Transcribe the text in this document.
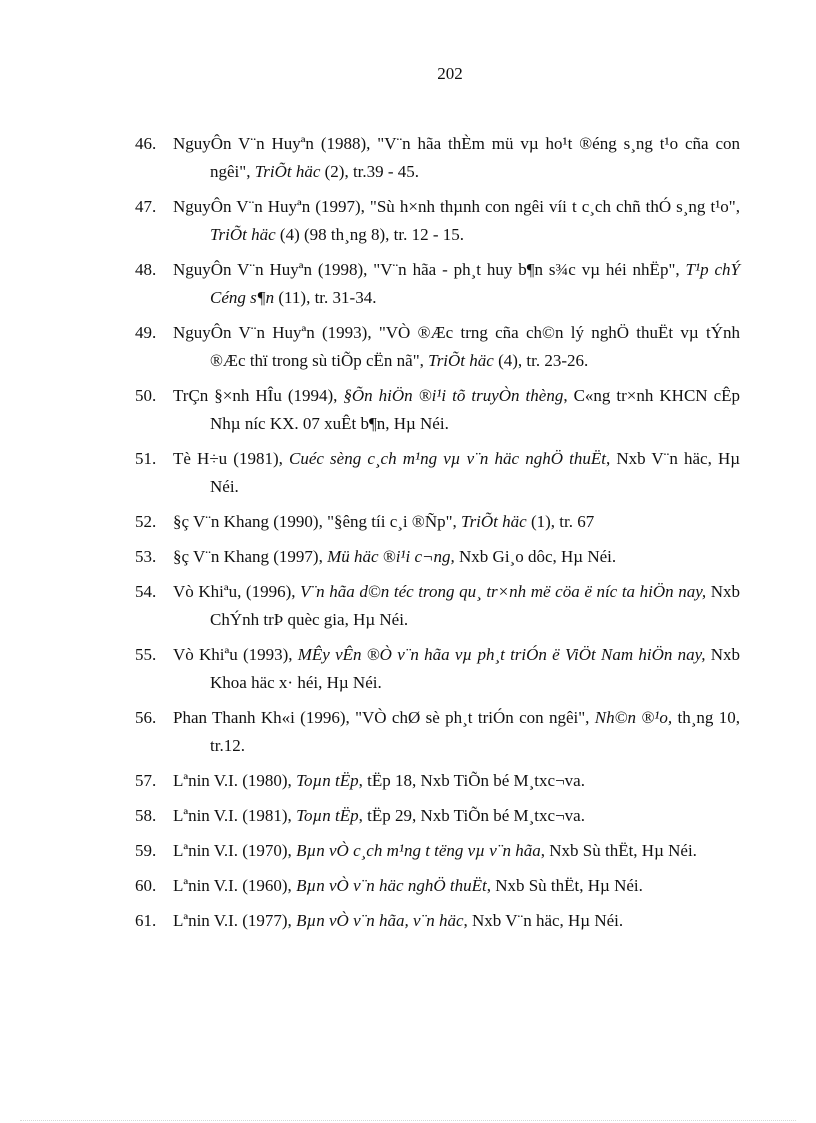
202
46. NguyÔn V¨n Huyªn (1988), "V¨n hãa thÈm mü vµ ho¹t ®éng s¸ng t¹o cña con ngêi", TriÕt häc (2), tr.39 - 45.
47. NguyÔn V¨n Huyªn (1997), "Sù h×nh thµnh con ngêi víi t c¸ch chñ thÓ s¸ng t¹o", TriÕt häc (4) (98 th¸ng 8), tr. 12 - 15.
48. NguyÔn V¨n Huyªn (1998), "V¨n hãa - ph¸t huy b¶n s¾c vµ héi nhËp", T¹p chÝ Céng s¶n (11), tr. 31-34.
49. NguyÔn V¨n Huyªn (1993), "VÒ ®Æc trng cña ch©n lý nghÖ thuËt vµ tÝnh ®Æc thï trong sù tiÕp cËn nã", TriÕt häc (4), tr. 23-26.
50. TrÇn §×nh HÎu (1994), §Õn hiÖn ®i¹i tõ truyÒn thèng, C«ng tr×nh KHCN cÊp Nhµ níc KX. 07 xuÊt b¶n, Hµ Néi.
51. Tè H÷u (1981), Cuéc sèng c¸ch m¹ng vµ v¨n häc nghÖ thuËt, Nxb V¨n häc, Hµ Néi.
52. §ç V¨n Khang (1990), "§êng tíi c¸i ®Ñp", TriÕt häc (1), tr. 67
53. §ç V¨n Khang (1997), Mü häc ®i¹i c¬ng, Nxb Gi¸o dôc, Hµ Néi.
54. Vò Khiªu, (1996), V¨n hãa d©n téc trong qu¸ tr×nh më cöa ë níc ta hiÖn nay, Nxb ChÝnh trÞ quèc gia, Hµ Néi.
55. Vò Khiªu (1993), MÊy vÊn ®Ò v¨n hãa vµ ph¸t triÓn ë ViÖt Nam hiÖn nay, Nxb Khoa häc x· héi, Hµ Néi.
56. Phan Thanh Kh«i (1996), "VÒ chØ sè ph¸t triÓn con ngêi", Nh©n ®¹o, th¸ng 10, tr.12.
57. Lªnin V.I. (1980), Toµn tËp, tËp 18, Nxb TiÕn bé M¸txc¬va.
58. Lªnin V.I. (1981), Toµn tËp, tËp 29, Nxb TiÕn bé M¸txc¬va.
59. Lªnin V.I. (1970), Bµn vÒ c¸ch m¹ng t tëng vµ v¨n hãa, Nxb Sù thËt, Hµ Néi.
60. Lªnin V.I. (1960), Bµn vÒ v¨n häc nghÖ thuËt, Nxb Sù thËt, Hµ Néi.
61. Lªnin V.I. (1977), Bµn vÒ v¨n hãa, v¨n häc, Nxb V¨n häc, Hµ Néi.
